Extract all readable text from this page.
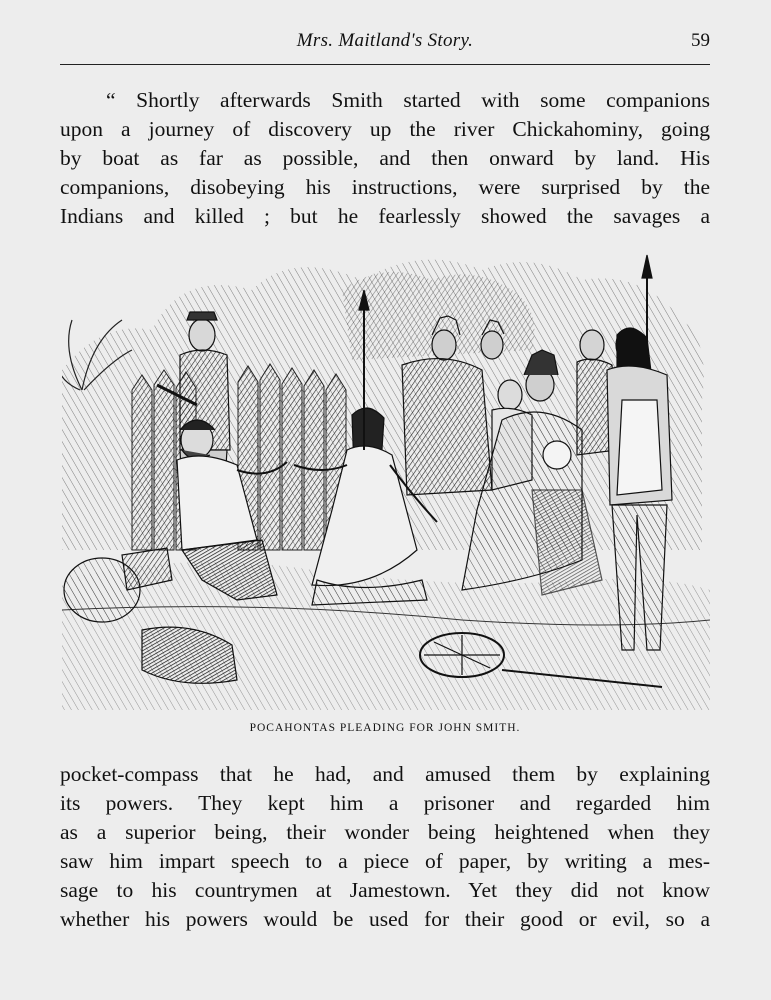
Mrs. Maitland's Story.	59

“ Shortly afterwards Smith started with some companions
upon a journey of discovery up the river Chickahominy, going
by boat as far as possible, and then onward by land. His
companions, disobeying his instructions, were surprised by the
Indians and killed ; but he fearlessly showed the savages a

POCAHONTAS PLEADING FOR JOHN SMITH.

pocket-compass that he had, and amused them by explaining
its powers. They kept him a prisoner and regarded him
as a superior being, their wonder being heightened when they
saw him impart speech to a piece of paper, by writing a mes-
sage to his countrymen at Jamestown. Yet they did not know
whether his powers would be used for their good or evil, so a
